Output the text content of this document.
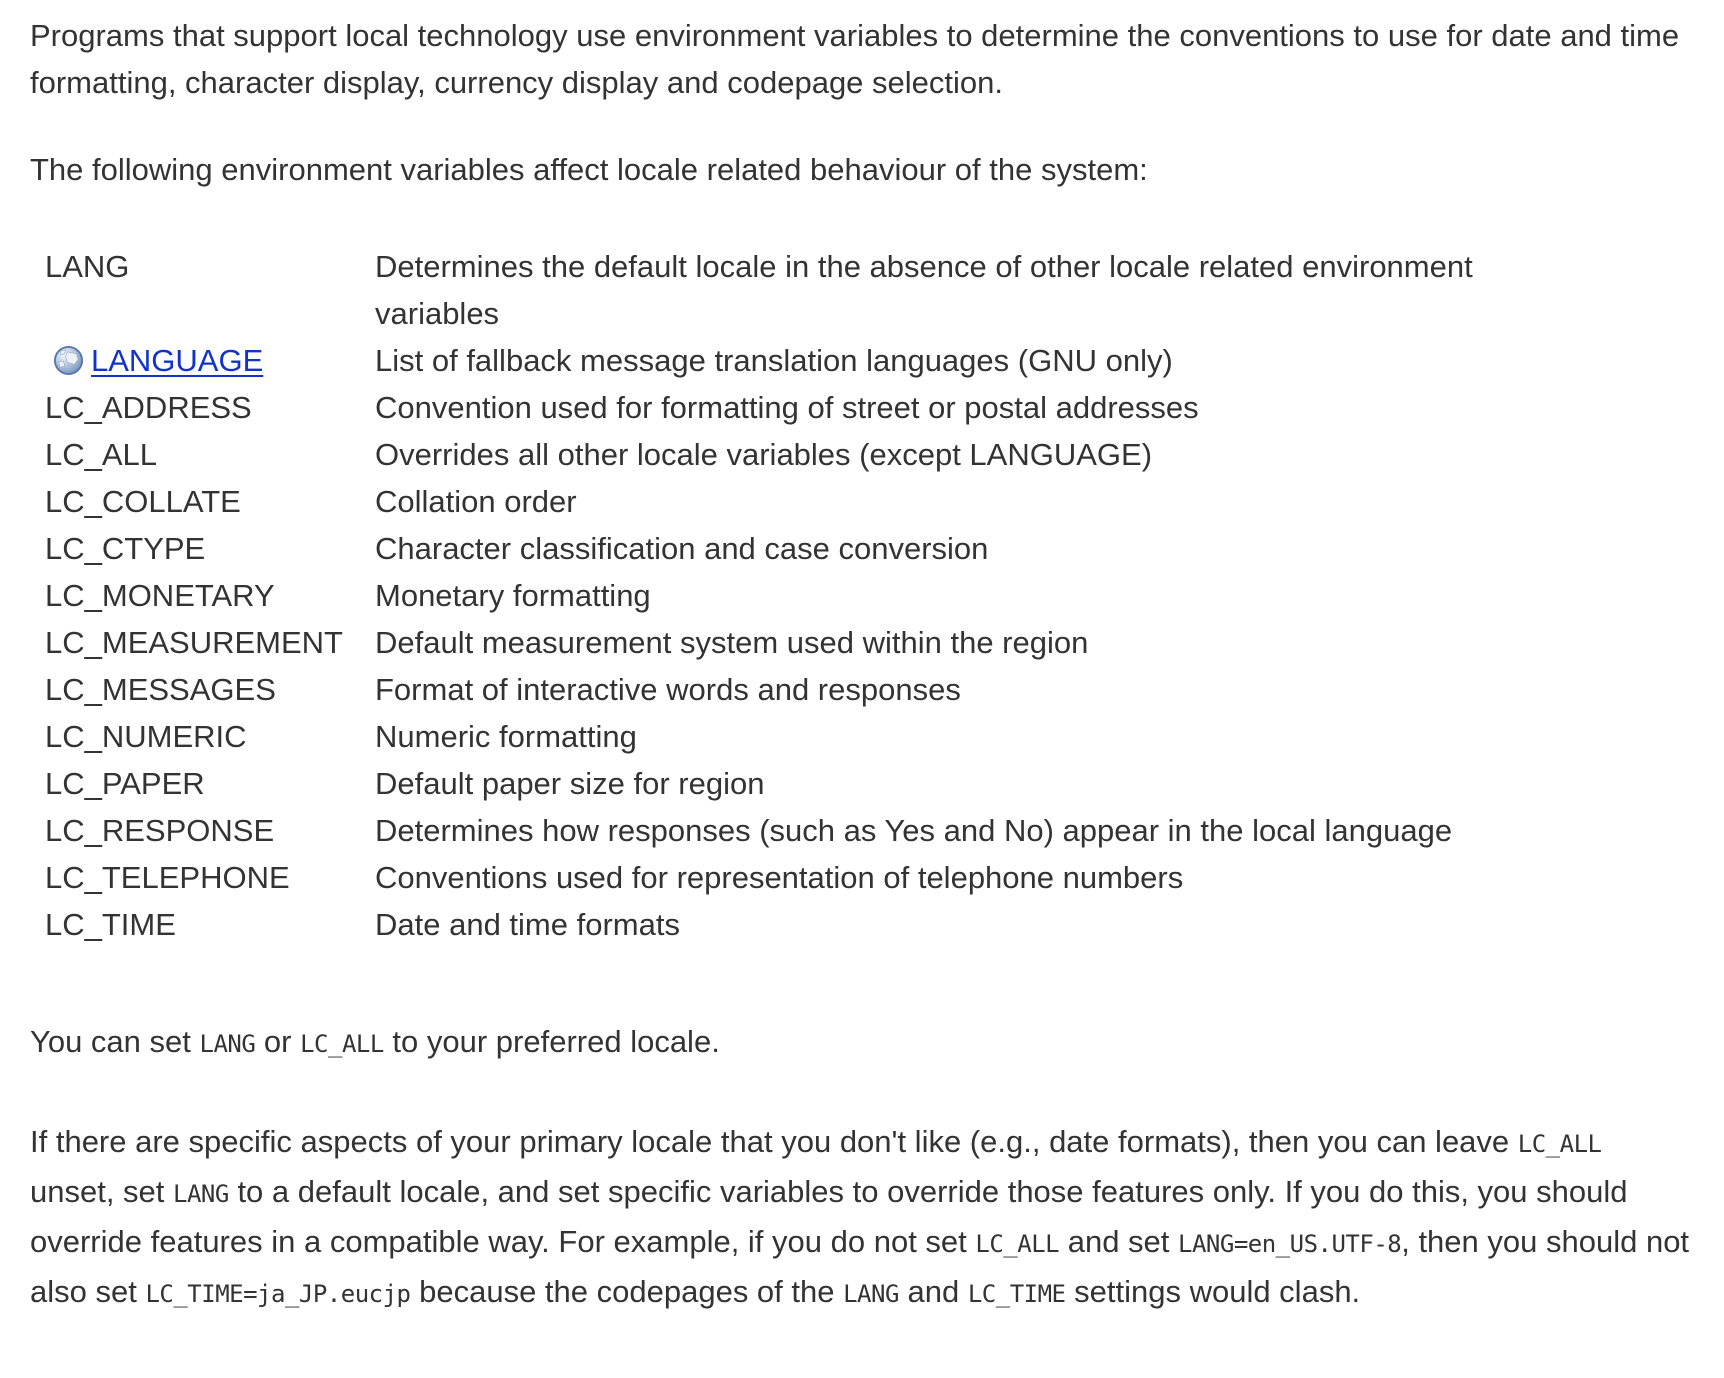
Programs that support local technology use environment variables to determine the conventions to use for date and time formatting, character display, currency display and codepage selection.

The following environment variables affect locale related behaviour of the system:

LANG	Determines the default locale in the absence of other locale related environment variables
LANGUAGE	List of fallback message translation languages (GNU only)
LC_ADDRESS	Convention used for formatting of street or postal addresses
LC_ALL	Overrides all other locale variables (except LANGUAGE)
LC_COLLATE	Collation order
LC_CTYPE	Character classification and case conversion
LC_MONETARY	Monetary formatting
LC_MEASUREMENT	Default measurement system used within the region
LC_MESSAGES	Format of interactive words and responses
LC_NUMERIC	Numeric formatting
LC_PAPER	Default paper size for region
LC_RESPONSE	Determines how responses (such as Yes and No) appear in the local language
LC_TELEPHONE	Conventions used for representation of telephone numbers
LC_TIME	Date and time formats

You can set LANG or LC_ALL to your preferred locale.

If there are specific aspects of your primary locale that you don't like (e.g., date formats), then you can leave LC_ALL unset, set LANG to a default locale, and set specific variables to override those features only. If you do this, you should override features in a compatible way. For example, if you do not set LC_ALL and set LANG=en_US.UTF-8, then you should not also set LC_TIME=ja_JP.eucjp because the codepages of the LANG and LC_TIME settings would clash.
